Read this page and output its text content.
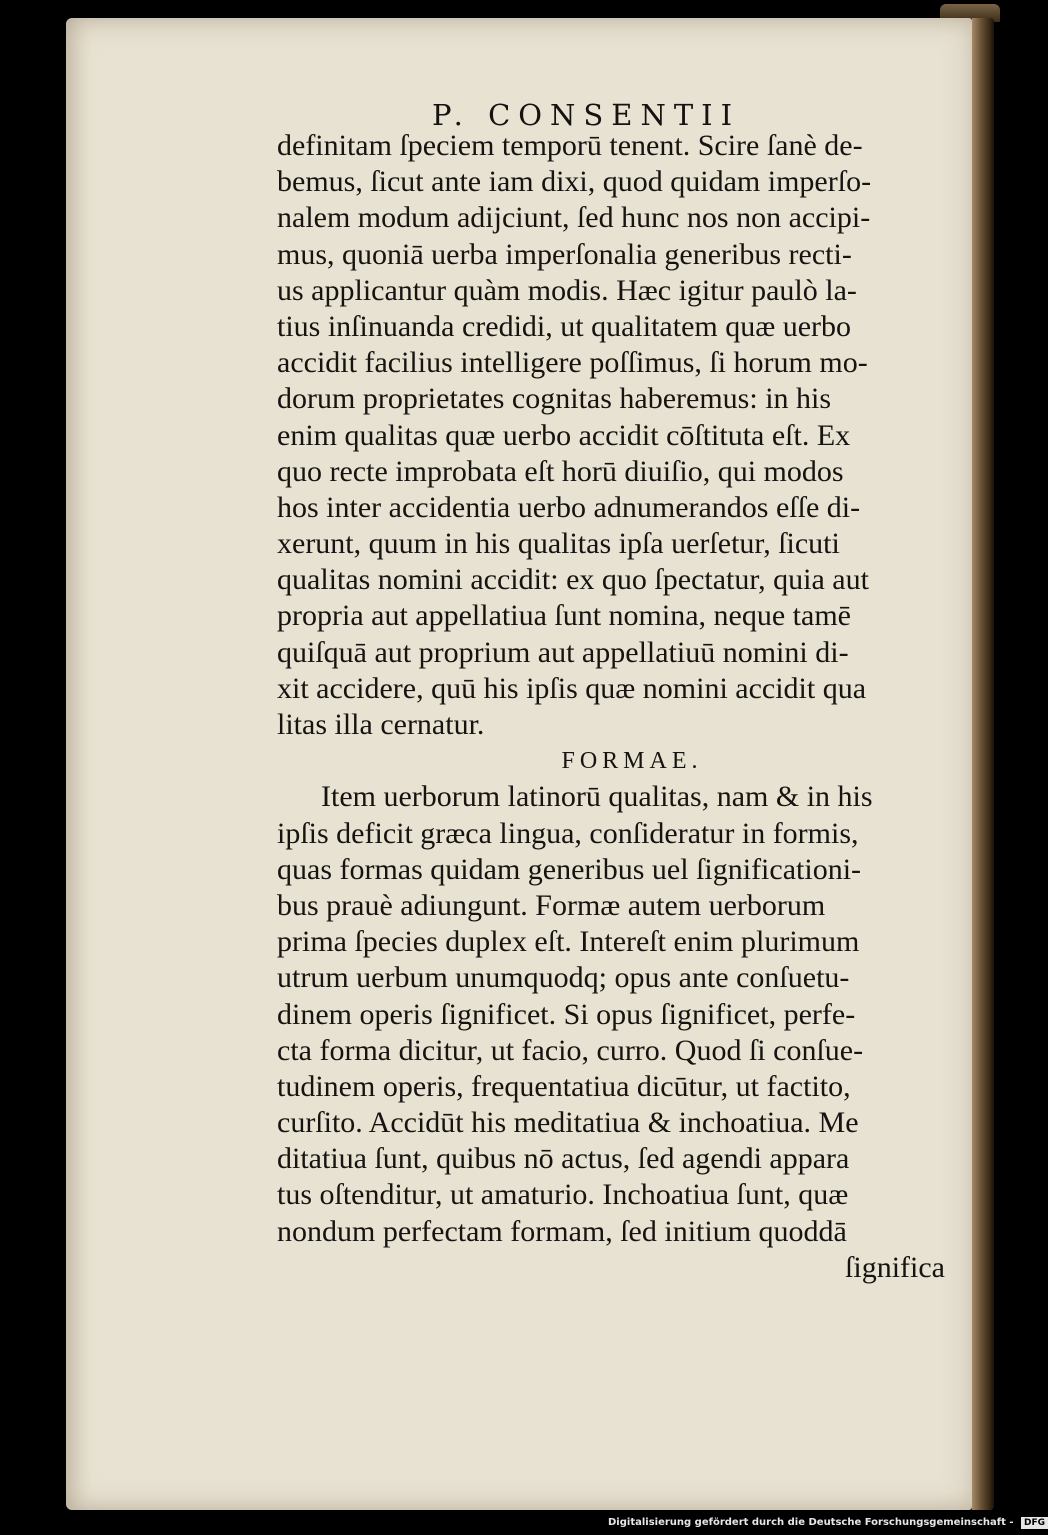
P. CONSENTII
definitam ſpeciem temporū tenent. Scire ſanè de-
bemus, ſicut ante iam dixi, quod quidam imperſo-
nalem modum adijciunt, ſed hunc nos non accipi-
mus, quoniā uerba imperſonalia generibus recti-
us applicantur quàm modis. Hæc igitur paulò la-
tius inſinuanda credidi, ut qualitatem quæ uerbo
accidit facilius intelligere poſſimus, ſi horum mo-
dorum proprietates cognitas haberemus: in his
enim qualitas quæ uerbo accidit cōſtituta eſt. Ex
quo recte improbata eſt horū diuiſio, qui modos
hos inter accidentia uerbo adnumerandos eſſe di-
xerunt, quum in his qualitas ipſa uerſetur, ſicuti
qualitas nomini accidit: ex quo ſpectatur, quia aut
propria aut appellatiua ſunt nomina, neque tamē
quiſquā aut proprium aut appellatiuū nomini di-
xit accidere, quū his ipſis quæ nomini accidit qua
litas illa cernatur.
FORMAE.
Item uerborum latinorū qualitas, nam & in his
ipſis deficit græca lingua, conſideratur in formis,
quas formas quidam generibus uel ſignificationi-
bus prauè adiungunt. Formæ autem uerborum
prima ſpecies duplex eſt. Intereſt enim plurimum
utrum uerbum unumquodq; opus ante conſuetu-
dinem operis ſignificet. Si opus ſignificet, perfe-
cta forma dicitur, ut facio, curro. Quod ſi conſue-
tudinem operis, frequentatiua dicūtur, ut factito,
curſito. Accidūt his meditatiua & inchoatiua. Me
ditatiua ſunt, quibus nō actus, ſed agendi appara
tus oſtenditur, ut amaturio. Inchoatiua ſunt, quæ
nondum perfectam formam, ſed initium quoddā
ſignifica
Digitalisierung gefördert durch die Deutsche Forschungsgemeinschaft - DFG
